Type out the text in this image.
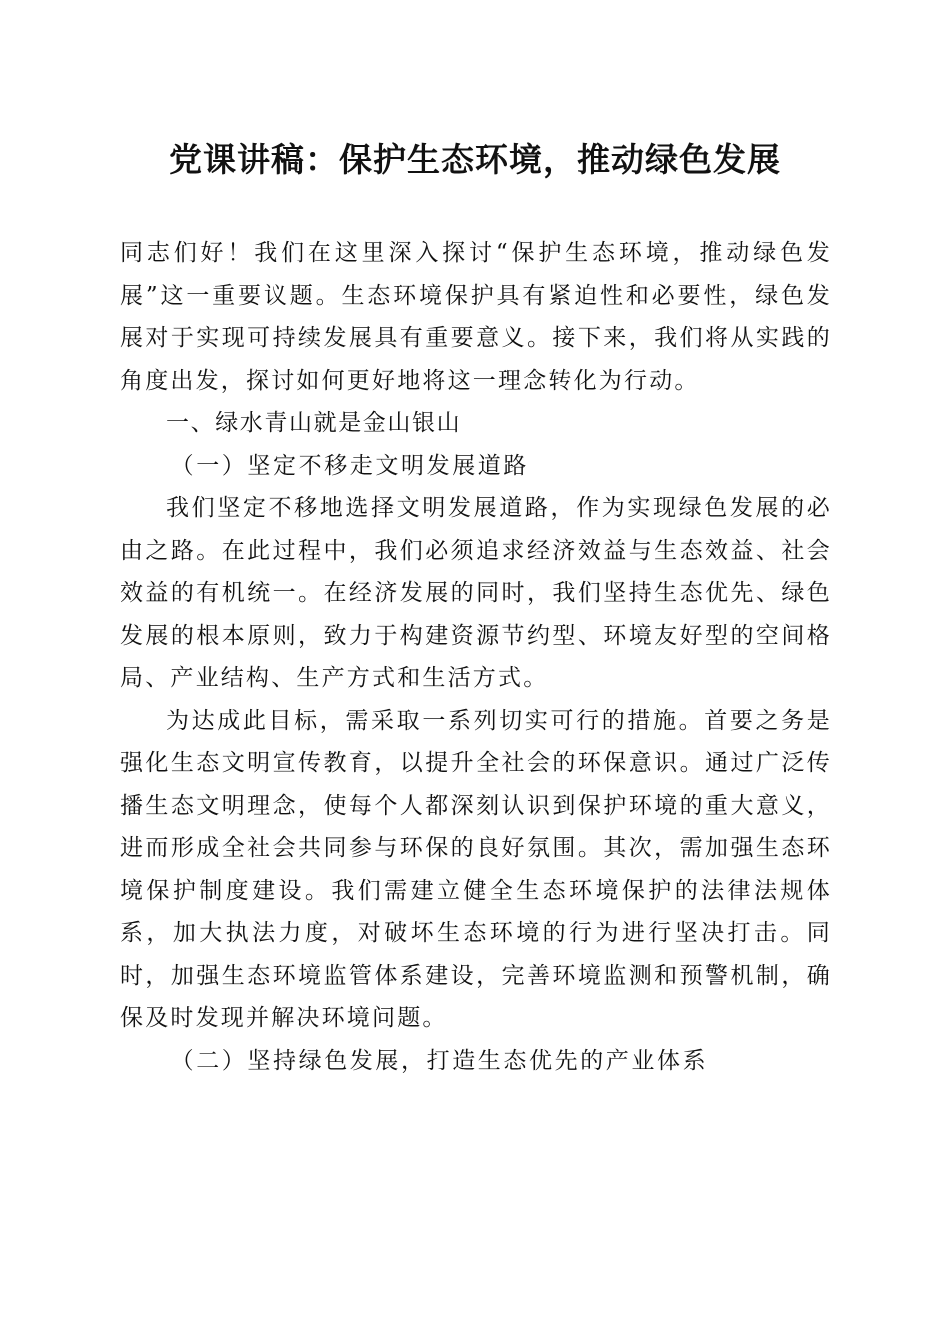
党课讲稿：保护生态环境，推动绿色发展

同志们好！我们在这里深入探讨“保护生态环境，推动绿色发展”这一重要议题。生态环境保护具有紧迫性和必要性，绿色发展对于实现可持续发展具有重要意义。接下来，我们将从实践的角度出发，探讨如何更好地将这一理念转化为行动。

一、绿水青山就是金山银山

（一）坚定不移走文明发展道路

我们坚定不移地选择文明发展道路，作为实现绿色发展的必由之路。在此过程中，我们必须追求经济效益与生态效益、社会效益的有机统一。在经济发展的同时，我们坚持生态优先、绿色发展的根本原则，致力于构建资源节约型、环境友好型的空间格局、产业结构、生产方式和生活方式。

为达成此目标，需采取一系列切实可行的措施。首要之务是强化生态文明宣传教育，以提升全社会的环保意识。通过广泛传播生态文明理念，使每个人都深刻认识到保护环境的重大意义，进而形成全社会共同参与环保的良好氛围。其次，需加强生态环境保护制度建设。我们需建立健全生态环境保护的法律法规体系，加大执法力度，对破坏生态环境的行为进行坚决打击。同时，加强生态环境监管体系建设，完善环境监测和预警机制，确保及时发现并解决环境问题。

（二）坚持绿色发展，打造生态优先的产业体系
